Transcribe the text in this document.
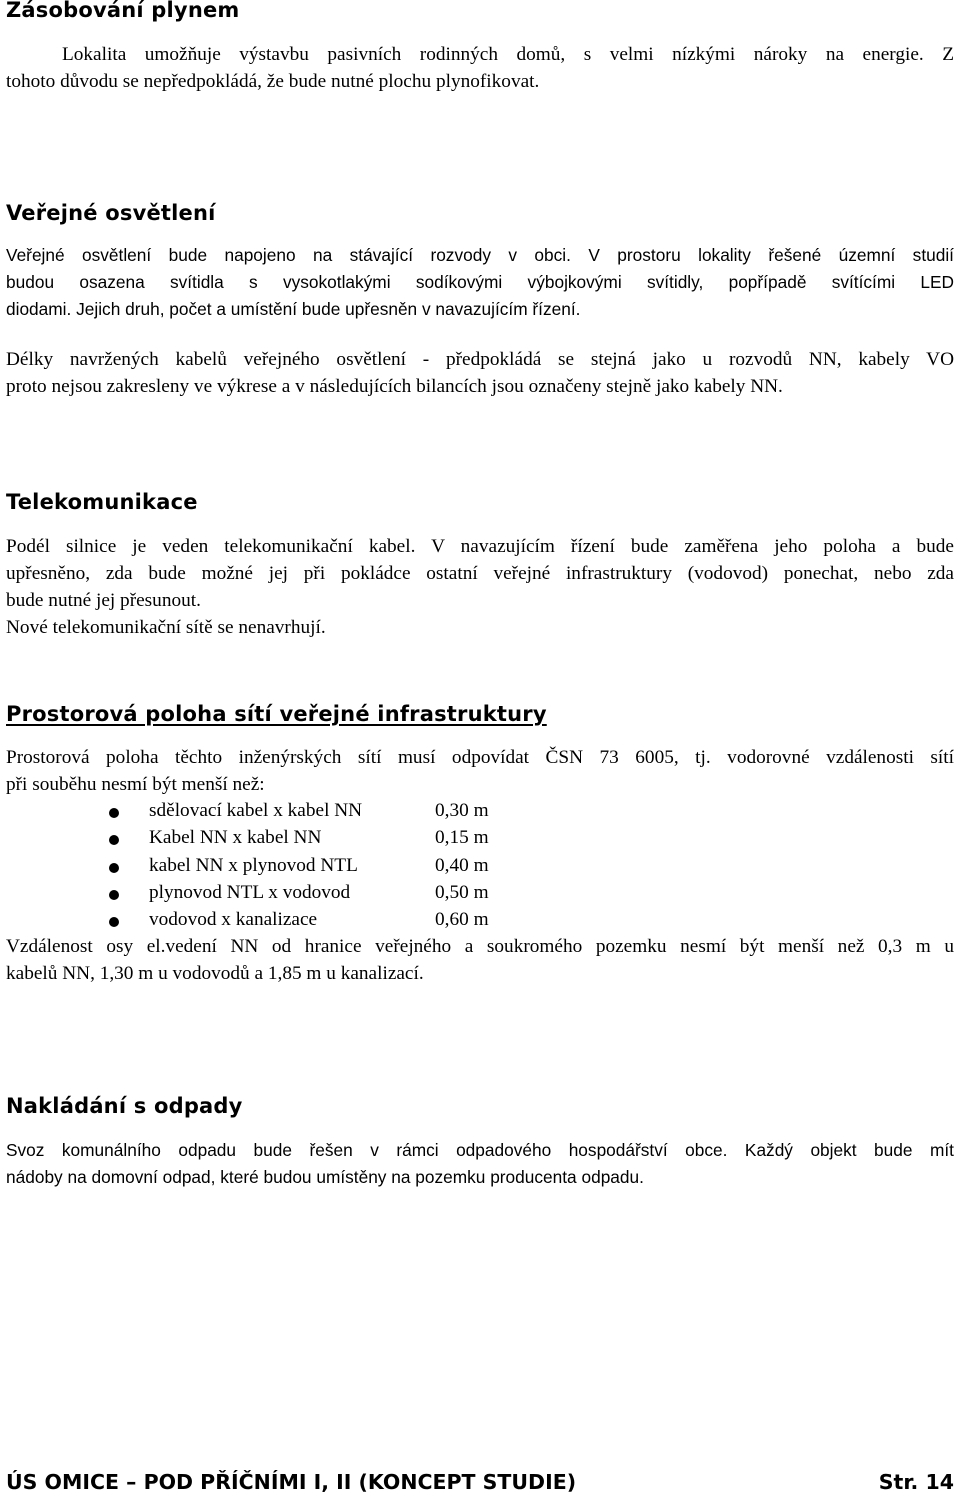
Zásobování plynem

Lokalita umožňuje výstavbu pasivních rodinných domů, s velmi nízkými nároky na energie. Z
tohoto důvodu se nepředpokládá, že bude nutné plochu plynofikovat.

Veřejné osvětlení

Veřejné osvětlení bude napojeno na stávající rozvody v obci. V prostoru lokality řešené územní studií
budou osazena svítidla s vysokotlakými sodíkovými výbojkovými svítidly, popřípadě svítícími LED
diodami. Jejich druh, počet a umístění bude upřesněn v navazujícím řízení.

Délky navržených kabelů veřejného osvětlení - předpokládá se stejná jako u rozvodů NN, kabely VO
proto nejsou zakresleny ve výkrese a v následujících bilancích jsou označeny stejně jako kabely NN.

Telekomunikace

Podél silnice je veden telekomunikační kabel. V navazujícím řízení bude zaměřena jeho poloha a bude
upřesněno, zda bude možné jej při pokládce ostatní veřejné infrastruktury (vodovod) ponechat, nebo zda
bude nutné jej přesunout.
Nové telekomunikační sítě se nenavrhují.

Prostorová poloha sítí veřejné infrastruktury

Prostorová poloha těchto inženýrských sítí musí odpovídat ČSN 73 6005, tj. vodorovné vzdálenosti sítí
při souběhu nesmí být menší než:

sdělovací kabel x kabel NN	0,30 m
Kabel NN x kabel NN	0,15 m
kabel NN x plynovod NTL	0,40 m
plynovod NTL x vodovod	0,50 m
vodovod x kanalizace	0,60 m

Vzdálenost osy el.vedení NN od hranice veřejného a soukromého pozemku nesmí být menší než 0,3 m u
kabelů NN, 1,30 m u vodovodů a 1,85 m u kanalizací.

Nakládání s odpady

Svoz komunálního odpadu bude řešen v rámci odpadového hospodářství obce. Každý objekt bude mít
nádoby na domovní odpad, které budou umístěny na pozemku producenta odpadu.

ÚS OMICE – POD PŘÍČNÍMI I, II (KONCEPT STUDIE)	Str. 14
